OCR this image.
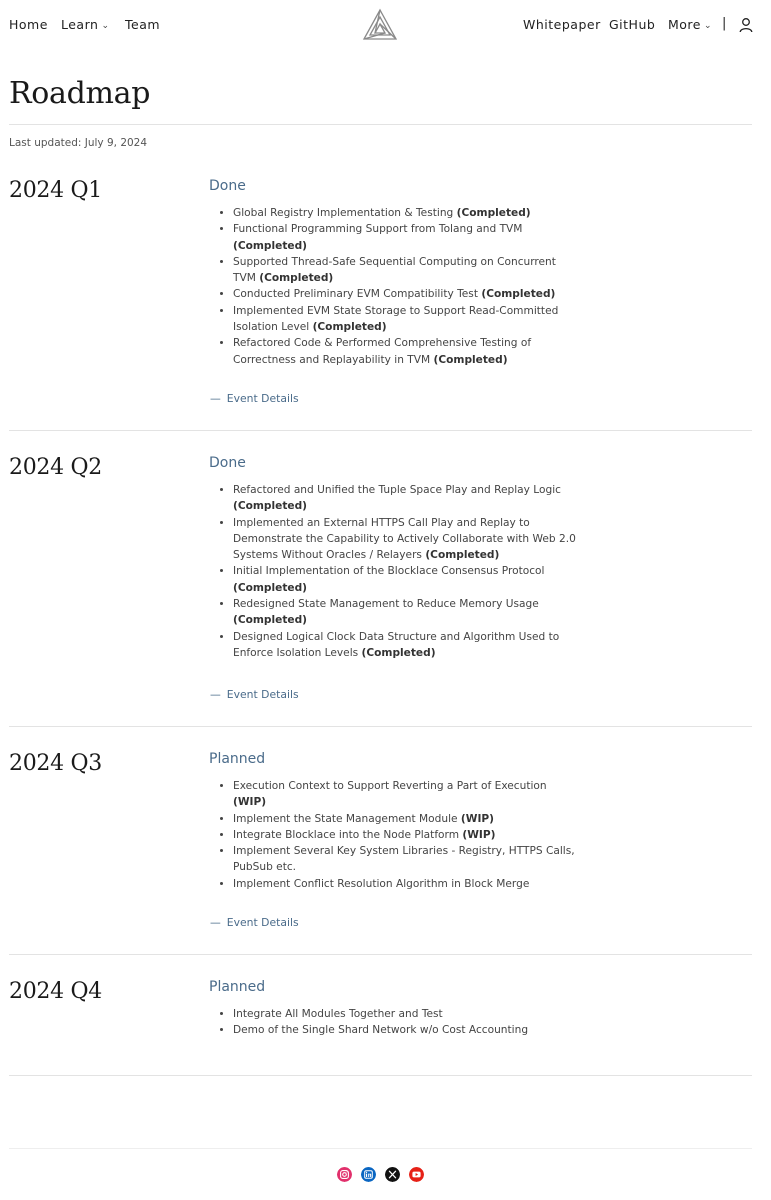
Home Learn ⌄ Team	Whitepaper GitHub More ⌄ |
Roadmap
Last updated: July 9, 2024
2024 Q1	Done
• Global Registry Implementation & Testing (Completed)
• Functional Programming Support from Tolang and TVM (Completed)
• Supported Thread-Safe Sequential Computing on Concurrent TVM (Completed)
• Conducted Preliminary EVM Compatibility Test (Completed)
• Implemented EVM State Storage to Support Read-Committed Isolation Level (Completed)
• Refactored Code & Performed Comprehensive Testing of Correctness and Replayability in TVM (Completed)
— Event Details
2024 Q2	Done
• Refactored and Unified the Tuple Space Play and Replay Logic (Completed)
• Implemented an External HTTPS Call Play and Replay to Demonstrate the Capability to Actively Collaborate with Web 2.0 Systems Without Oracles / Relayers (Completed)
• Initial Implementation of the Blocklace Consensus Protocol (Completed)
• Redesigned State Management to Reduce Memory Usage (Completed)
• Designed Logical Clock Data Structure and Algorithm Used to Enforce Isolation Levels (Completed)
— Event Details
2024 Q3	Planned
• Execution Context to Support Reverting a Part of Execution (WIP)
• Implement the State Management Module (WIP)
• Integrate Blocklace into the Node Platform (WIP)
• Implement Several Key System Libraries - Registry, HTTPS Calls, PubSub etc.
• Implement Conflict Resolution Algorithm in Block Merge
— Event Details
2024 Q4	Planned
• Integrate All Modules Together and Test
• Demo of the Single Shard Network w/o Cost Accounting
